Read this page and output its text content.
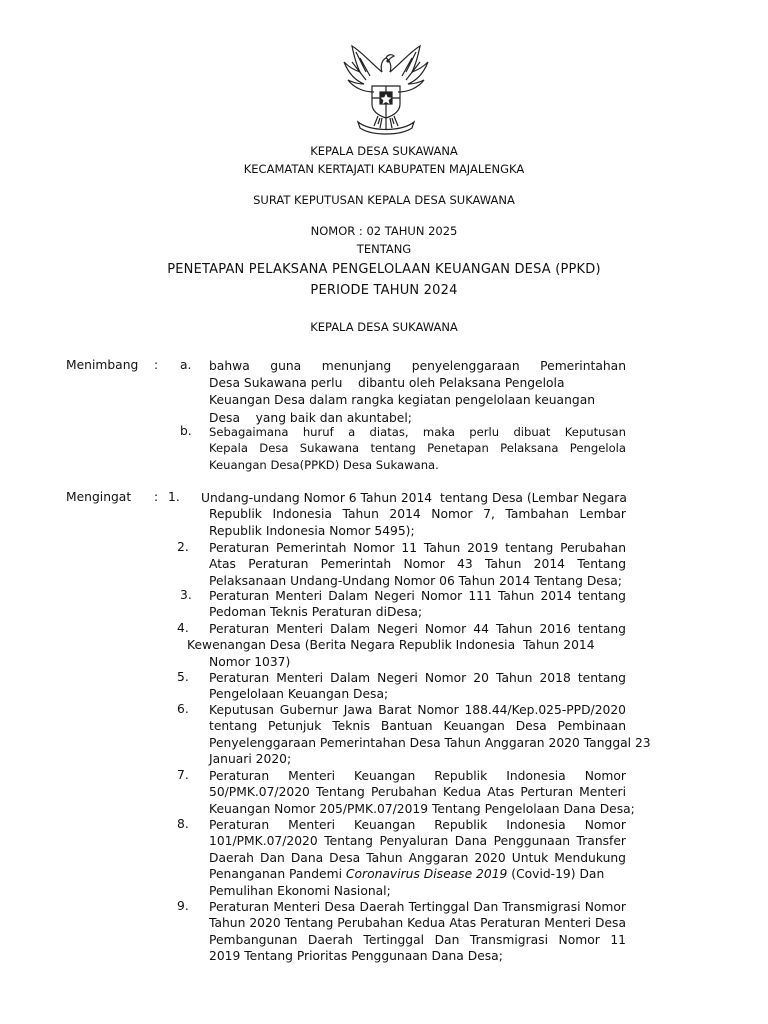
KEPALA DESA SUKAWANA
KECAMATAN KERTAJATI KABUPATEN MAJALENGKA
SURAT KEPUTUSAN KEPALA DESA SUKAWANA
NOMOR : 02 TAHUN 2025
TENTANG
PENETAPAN PELAKSANA PENGELOLAAN KEUANGAN DESA (PPKD)
PERIODE TAHUN 2024
KEPALA DESA SUKAWANA
Menimbang : a. bahwa guna menunjang penyelenggaraan Pemerintahan
Desa Sukawana perlu    dibantu oleh Pelaksana Pengelola
Keuangan Desa dalam rangka kegiatan pengelolaan keuangan
Desa    yang baik dan akuntabel;
b. Sebagaimana huruf a diatas, maka perlu dibuat Keputusan
Kepala Desa Sukawana tentang Penetapan Pelaksana Pengelola
Keuangan Desa(PPKD) Desa Sukawana.
Mengingat : 1. Undang-undang Nomor 6 Tahun 2014  tentang Desa (Lembar Negara
Republik Indonesia Tahun 2014 Nomor 7, Tambahan Lembar
Republik Indonesia Nomor 5495);
2. Peraturan Pemerintah Nomor 11 Tahun 2019 tentang Perubahan
Atas Peraturan Pemerintah Nomor 43 Tahun 2014 Tentang
Pelaksanaan Undang-Undang Nomor 06 Tahun 2014 Tentang Desa;
3. Peraturan Menteri Dalam Negeri Nomor 111 Tahun 2014 tentang
Pedoman Teknis Peraturan diDesa;
4. Peraturan Menteri Dalam Negeri Nomor 44 Tahun 2016 tentang
Kewenangan Desa (Berita Negara Republik Indonesia  Tahun 2014
Nomor 1037)
5. Peraturan Menteri Dalam Negeri Nomor 20 Tahun 2018 tentang
Pengelolaan Keuangan Desa;
6. Keputusan Gubernur Jawa Barat Nomor 188.44/Kep.025-PPD/2020
tentang Petunjuk Teknis Bantuan Keuangan Desa Pembinaan
Penyelenggaraan Pemerintahan Desa Tahun Anggaran 2020 Tanggal 23
Januari 2020;
7. Peraturan Menteri Keuangan Republik Indonesia Nomor
50/PMK.07/2020 Tentang Perubahan Kedua Atas Perturan Menteri
Keuangan Nomor 205/PMK.07/2019 Tentang Pengelolaan Dana Desa;
8. Peraturan Menteri Keuangan Republik Indonesia Nomor
101/PMK.07/2020 Tentang Penyaluran Dana Penggunaan Transfer
Daerah Dan Dana Desa Tahun Anggaran 2020 Untuk Mendukung
Penanganan Pandemi Coronavirus Disease 2019 (Covid-19) Dan
Pemulihan Ekonomi Nasional;
9. Peraturan Menteri Desa Daerah Tertinggal Dan Transmigrasi Nomor
Tahun 2020 Tentang Perubahan Kedua Atas Peraturan Menteri Desa
Pembangunan Daerah Tertinggal Dan Transmigrasi Nomor 11
2019 Tentang Prioritas Penggunaan Dana Desa;
